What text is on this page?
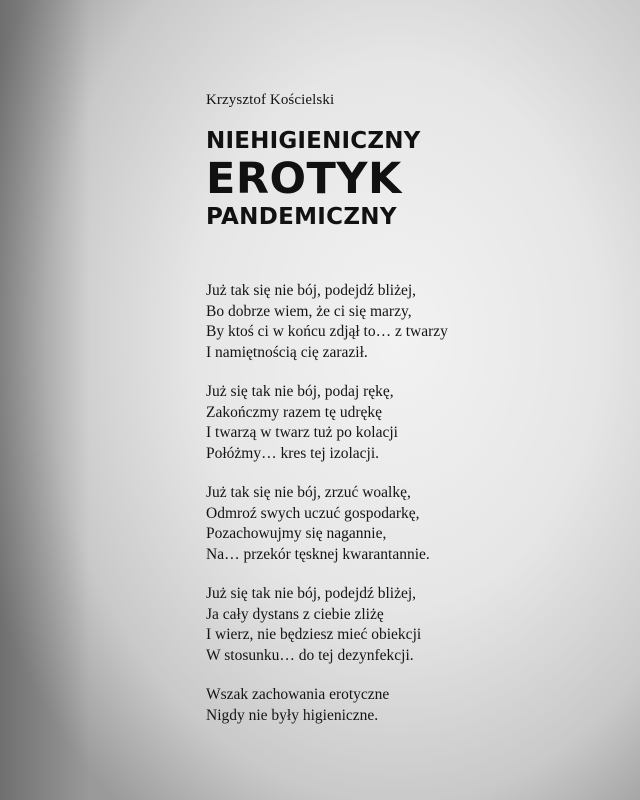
Krzysztof Kościelski
NIEHIGIENICZNY
EROTYK
PANDEMICZNY
Już tak się nie bój, podejdź bliżej,
Bo dobrze wiem, że ci się marzy,
By ktoś ci w końcu zdjął to… z twarzy
I namiętnością cię zaraził.
Już się tak nie bój, podaj rękę,
Zakończmy razem tę udrękę
I twarzą w twarz tuż po kolacji
Połóżmy… kres tej izolacji.
Już tak się nie bój, zrzuć woalkę,
Odmroź swych uczuć gospodarkę,
Pozachowujmy się nagannie,
Na… przekór tęsknej kwarantannie.
Już się tak nie bój, podejdź bliżej,
Ja cały dystans z ciebie zliżę
I wierz, nie będziesz mieć obiekcji
W stosunku… do tej dezynfekcji.
Wszak zachowania erotyczne
Nigdy nie były higieniczne.
